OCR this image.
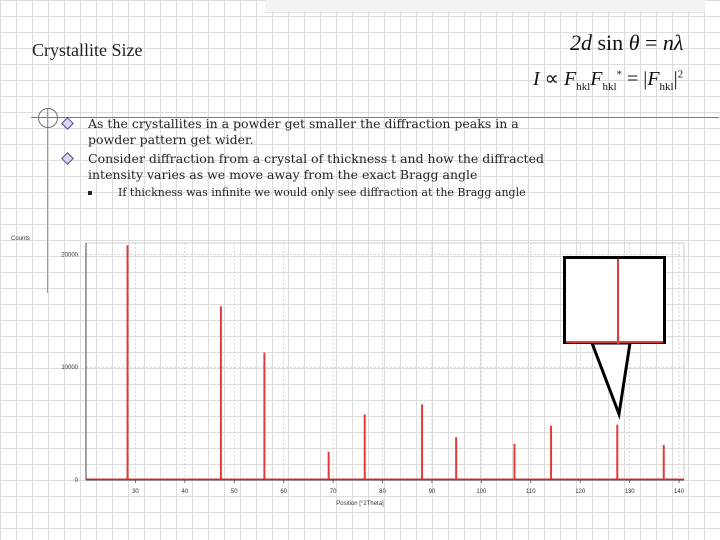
Crystallite Size	2d sin θ = nλ
$I \propto F_{hkl}F_{hkl}^* = |F_{hkl}|^2$
As the crystallites in a powder get smaller the diffraction peaks in a powder pattern get wider.
Consider diffraction from a crystal of thickness t and how the diffracted intensity varies as we move away from the exact Bragg angle
If thickness was infinite we would only see diffraction at the Bragg angle
Counts
0
10000
20000
30	40	50	60	70	80	90	100	110	120	130	140
Position [°2Theta]
